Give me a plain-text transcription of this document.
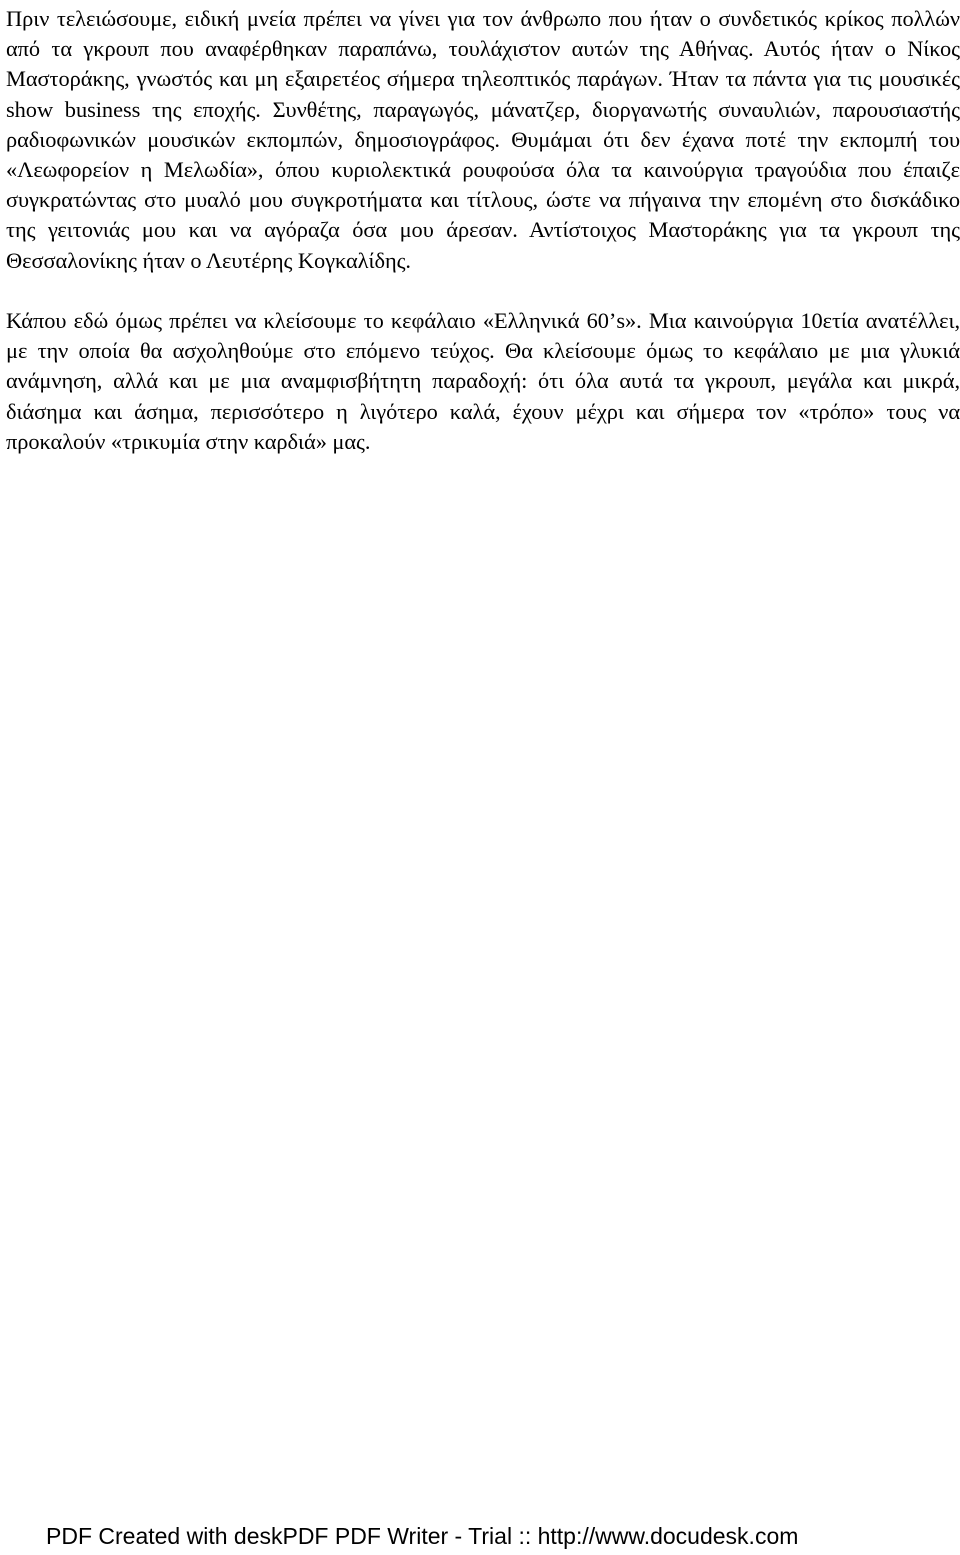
Πριν τελειώσουμε, ειδική μνεία πρέπει να γίνει για τον άνθρωπο που ήταν ο συνδετικός κρίκος πολλών από τα γκρουπ που αναφέρθηκαν παραπάνω, τουλάχιστον αυτών της Αθήνας. Αυτός ήταν ο Νίκος Μαστοράκης, γνωστός και μη εξαιρετέος σήμερα τηλεοπτικός παράγων. Ήταν τα πάντα για τις μουσικές show business της εποχής. Συνθέτης, παραγωγός, μάνατζερ, διοργανωτής συναυλιών, παρουσιαστής ραδιοφωνικών μουσικών εκπομπών, δημοσιογράφος. Θυμάμαι ότι δεν έχανα ποτέ την εκπομπή του «Λεωφορείον η Μελωδία», όπου κυριολεκτικά ρουφούσα όλα τα καινούργια τραγούδια που έπαιζε συγκρατώντας στο μυαλό μου συγκροτήματα και τίτλους, ώστε να πήγαινα την επομένη στο δισκάδικο της γειτονιάς μου και να αγόραζα όσα μου άρεσαν. Αντίστοιχος Μαστοράκης για τα γκρουπ της Θεσσαλονίκης ήταν ο Λευτέρης Κογκαλίδης.

Κάπου εδώ όμως πρέπει να κλείσουμε το κεφάλαιο «Ελληνικά 60’s». Μια καινούργια 10ετία ανατέλλει, με την οποία θα ασχοληθούμε στο επόμενο τεύχος. Θα κλείσουμε όμως το κεφάλαιο με μια γλυκιά ανάμνηση, αλλά και με μια αναμφισβήτητη παραδοχή: ότι όλα αυτά τα γκρουπ, μεγάλα και μικρά, διάσημα και άσημα, περισσότερο η λιγότερο καλά, έχουν μέχρι και σήμερα τον «τρόπο» τους να προκαλούν «τρικυμία στην καρδιά» μας.

PDF Created with deskPDF PDF Writer - Trial :: http://www.docudesk.com
